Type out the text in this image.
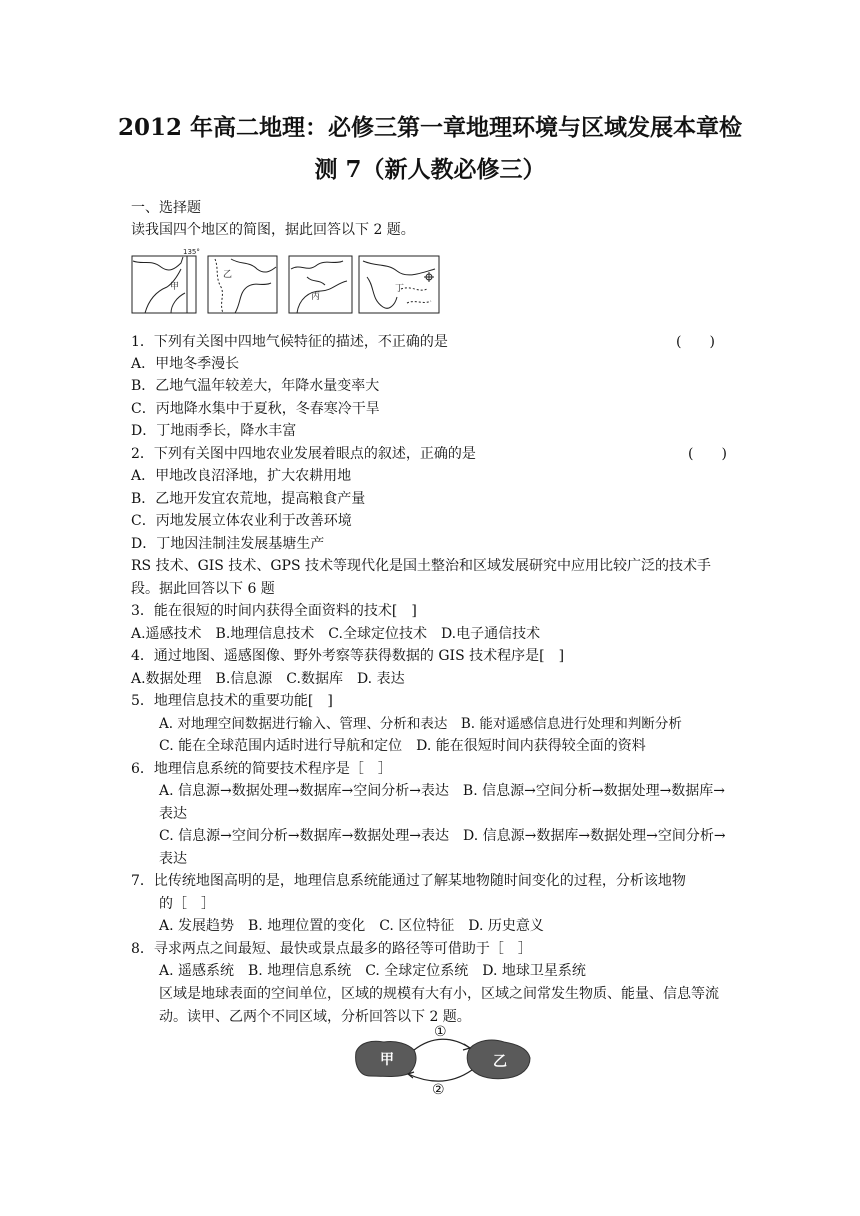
2012 年高二地理：必修三第一章地理环境与区域发展本章检
测 7（新人教必修三）
一、选择题
读我国四个地区的简图，据此回答以下 2 题。
135°
甲
乙
丙
丁
1．下列有关图中四地气候特征的描述，不正确的是	(　　)
A．甲地冬季漫长
B．乙地气温年较差大，年降水量变率大
C．丙地降水集中于夏秋，冬春寒冷干旱
D．丁地雨季长，降水丰富
2．下列有关图中四地农业发展着眼点的叙述，正确的是	(　　)
A．甲地改良沼泽地，扩大农耕用地
B．乙地开发宜农荒地，提高粮食产量
C．丙地发展立体农业利于改善环境
D．丁地因洼制洼发展基塘生产
RS 技术、GIS 技术、GPS 技术等现代化是国土整治和区域发展研究中应用比较广泛的技术手段。据此回答以下 6 题
3．能在很短的时间内获得全面资料的技术[　]
A.遥感技术　B.地理信息技术　C.全球定位技术　D.电子通信技术
4．通过地图、遥感图像、野外考察等获得数据的 GIS 技术程序是[　]
A.数据处理　B.信息源　C.数据库　D. 表达
5．地理信息技术的重要功能[　]
A. 对地理空间数据进行输入、管理、分析和表达　B. 能对遥感信息进行处理和判断分析
C. 能在全球范围内适时进行导航和定位　D. 能在很短时间内获得较全面的资料
6．地理信息系统的简要技术程序是［　］
A. 信息源→数据处理→数据库→空间分析→表达　B. 信息源→空间分析→数据处理→数据库→表达
C. 信息源→空间分析→数据库→数据处理→表达　D. 信息源→数据库→数据处理→空间分析→表达
7．比传统地图高明的是，地理信息系统能通过了解某地物随时间变化的过程，分析该地物
的［　］
A. 发展趋势　B. 地理位置的变化　C. 区位特征　D. 历史意义
8．寻求两点之间最短、最快或景点最多的路径等可借助于［　］
A. 遥感系统　B. 地理信息系统　C. 全球定位系统　D. 地球卫星系统
区域是地球表面的空间单位，区域的规模有大有小，区域之间常发生物质、能量、信息等流动。读甲、乙两个不同区域，分析回答以下 2 题。
甲	乙
①
②
